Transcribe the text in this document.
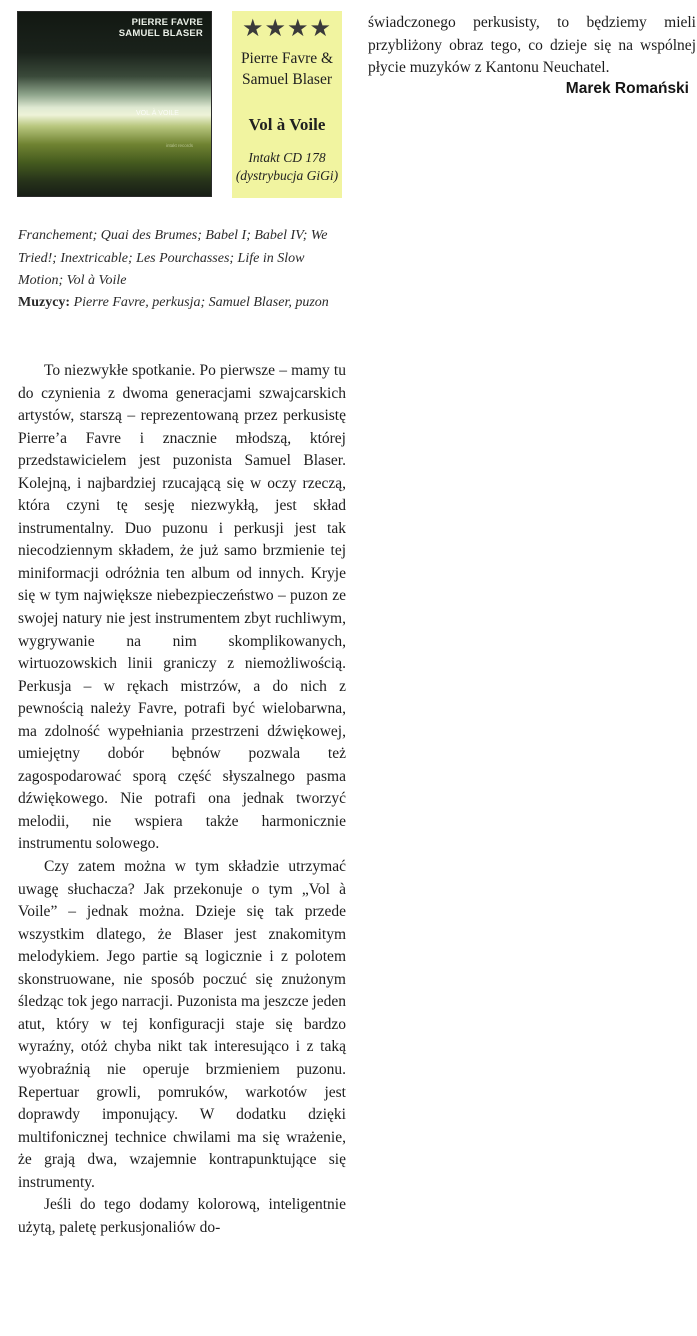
PIERRE FAVRE
SAMUEL BLASER
VOL À VOILE
intakt records
★★★★
Pierre Favre & Samuel Blaser
Vol à Voile
Intakt CD 178 (dystrybucja GiGi)
Franchement; Quai des Brumes; Babel I; Babel IV; We Tried!; Inextricable; Les Pourchasses; Life in Slow Motion; Vol à Voile
Muzycy: Pierre Favre, perkusja; Samuel Blaser, puzon

To niezwykłe spotkanie. Po pierwsze – mamy tu do czynienia z dwoma generacjami szwajcarskich artystów, starszą – reprezentowaną przez perkusistę Pierre’a Favre i znacznie młodszą, której przedstawicielem jest puzonista Samuel Blaser. Kolejną, i najbardziej rzucającą się w oczy rzeczą, która czyni tę sesję niezwykłą, jest skład instrumentalny. Duo puzonu i perkusji jest tak niecodziennym składem, że już samo brzmienie tej miniformacji odróżnia ten album od innych. Kryje się w tym największe niebezpieczeństwo – puzon ze swojej natury nie jest instrumentem zbyt ruchliwym, wygrywanie na nim skomplikowanych, wirtuozowskich linii graniczy z niemożliwością. Perkusja – w rękach mistrzów, a do nich z pewnością należy Favre, potrafi być wielobarwna, ma zdolność wypełniania przestrzeni dźwiękowej, umiejętny dobór bębnów pozwala też zagospodarować sporą część słyszalnego pasma dźwiękowego. Nie potrafi ona jednak tworzyć melodii, nie wspiera także harmonicznie instrumentu solowego.

Czy zatem można w tym składzie utrzymać uwagę słuchacza? Jak przekonuje o tym „Vol à Voile” – jednak można. Dzieje się tak przede wszystkim dlatego, że Blaser jest znakomitym melodykiem. Jego partie są logicznie i z polotem skonstruowane, nie sposób poczuć się znużonym śledząc tok jego narracji. Puzonista ma jeszcze jeden atut, który w tej konfiguracji staje się bardzo wyraźny, otóż chyba nikt tak interesująco i z taką wyobraźnią nie operuje brzmieniem puzonu. Repertuar growli, pomruków, warkotów jest doprawdy imponujący. W dodatku dzięki multifonicznej technice chwilami ma się wrażenie, że grają dwa, wzajemnie kontrapunktujące się instrumenty.

Jeśli do tego dodamy kolorową, inteligentnie użytą, paletę perkusjonaliów do-

świadczonego perkusisty, to będziemy mieli przybliżony obraz tego, co dzieje się na wspólnej płycie muzyków z Kantonu Neuchatel.

Marek Romański
